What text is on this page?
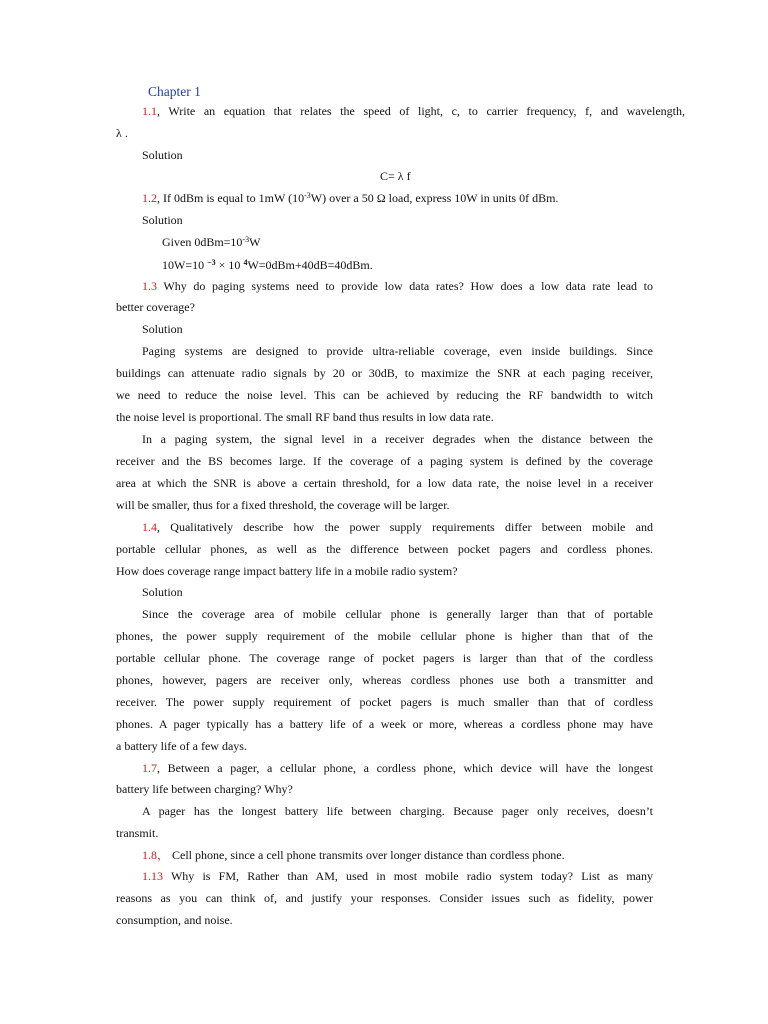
Chapter 1

1.1, Write an equation that relates the speed of light, c, to carrier frequency, f, and wavelength,

λ .

Solution

C= λ f

1.2, If 0dBm is equal to 1mW $(10^{-3}W)$ over a 50 Ω load, express 10W in units 0f dBm.

Solution

Given $0dBm=10^{-3}W$

10W=10 $^{-3}$ × 10 $^4$W=0dBm+40dB=40dBm.

1.3 Why do paging systems need to provide low data rates? How does a low data rate lead to

better coverage?

Solution

Paging systems are designed to provide ultra-reliable coverage, even inside buildings. Since

buildings can attenuate radio signals by 20 or 30dB, to maximize the SNR at each paging receiver,

we need to reduce the noise level. This can be achieved by reducing the RF bandwidth to witch

the noise level is proportional. The small RF band thus results in low data rate.

In a paging system, the signal level in a receiver degrades when the distance between the

receiver and the BS becomes large. If the coverage of a paging system is defined by the coverage

area at which the SNR is above a certain threshold, for a low data rate, the noise level in a receiver

will be smaller, thus for a fixed threshold, the coverage will be larger.

1.4, Qualitatively describe how the power supply requirements differ between mobile and

portable cellular phones, as well as the difference between pocket pagers and cordless phones.

How does coverage range impact battery life in a mobile radio system?

Solution

Since the coverage area of mobile cellular phone is generally larger than that of portable

phones, the power supply requirement of the mobile cellular phone is higher than that of the

portable cellular phone. The coverage range of pocket pagers is larger than that of the cordless

phones, however, pagers are receiver only, whereas cordless phones use both a transmitter and

receiver. The power supply requirement of pocket pagers is much smaller than that of cordless

phones. A pager typically has a battery life of a week or more, whereas a cordless phone may have

a battery life of a few days.

1.7, Between a pager, a cellular phone, a cordless phone, which device will have the longest

battery life between charging? Why?

A pager has the longest battery life between charging. Because pager only receives, doesn’t

transmit.

1.8， Cell phone, since a cell phone transmits over longer distance than cordless phone.

1.13 Why is FM, Rather than AM, used in most mobile radio system today? List as many

reasons as you can think of, and justify your responses. Consider issues such as fidelity, power

consumption, and noise.
